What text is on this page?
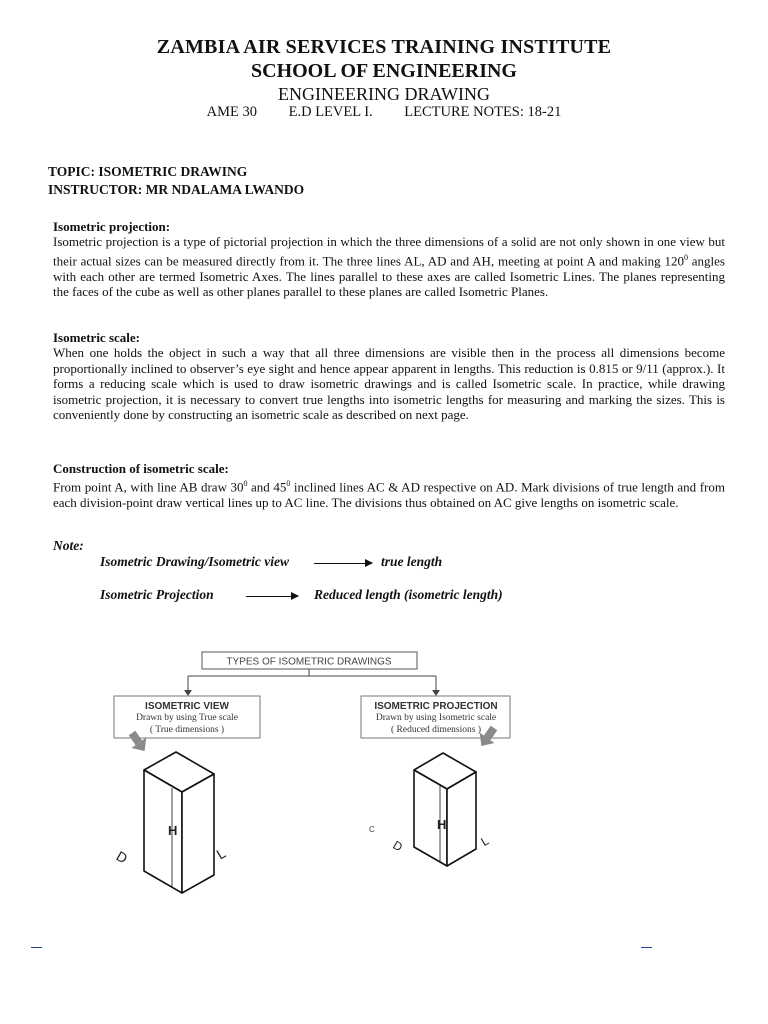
ZAMBIA AIR SERVICES TRAINING INSTITUTE
SCHOOL OF ENGINEERING
ENGINEERING DRAWING
AME 30 E.D LEVEL I. LECTURE NOTES: 18-21
TOPIC: ISOMETRIC DRAWING
INSTRUCTOR: MR NDALAMA LWANDO
Isometric projection:

Isometric projection is a type of pictorial projection in which the three dimensions of a solid are not only shown in one view but their actual sizes can be measured directly from it. The three lines AL, AD and AH, meeting at point A and making $120^0$ angles with each other are termed Isometric Axes. The lines parallel to these axes are called Isometric Lines. The planes representing the faces of the cube as well as other planes parallel to these planes are called Isometric Planes.

Isometric scale:

When one holds the object in such a way that all three dimensions are visible then in the process all dimensions become proportionally inclined to observer’s eye sight and hence appear apparent in lengths. This reduction is 0.815 or 9/11 (approx.). It forms a reducing scale which is used to draw isometric drawings and is called Isometric scale. In practice, while drawing isometric projection, it is necessary to convert true lengths into isometric lengths for measuring and marking the sizes. This is conveniently done by constructing an isometric scale as described on next page.

Construction of isometric scale:

From point A, with line AB draw $30^0$ and $45^0$ inclined lines AC & AD respective on AD. Mark divisions of true length and from each division-point draw vertical lines up to AC line. The divisions thus obtained on AC give lengths on isometric scale.

Note:
Isometric Drawing/Isometric view	true length
Isometric Projection	Reduced length (isometric length)
TYPES OF ISOMETRIC DRAWINGS
ISOMETRIC VIEW
Drawn by using True scale
( True dimensions )
ISOMETRIC PROJECTION
Drawn by using Isometric scale
( Reduced dimensions )
H
D	L
C	H
D	L
